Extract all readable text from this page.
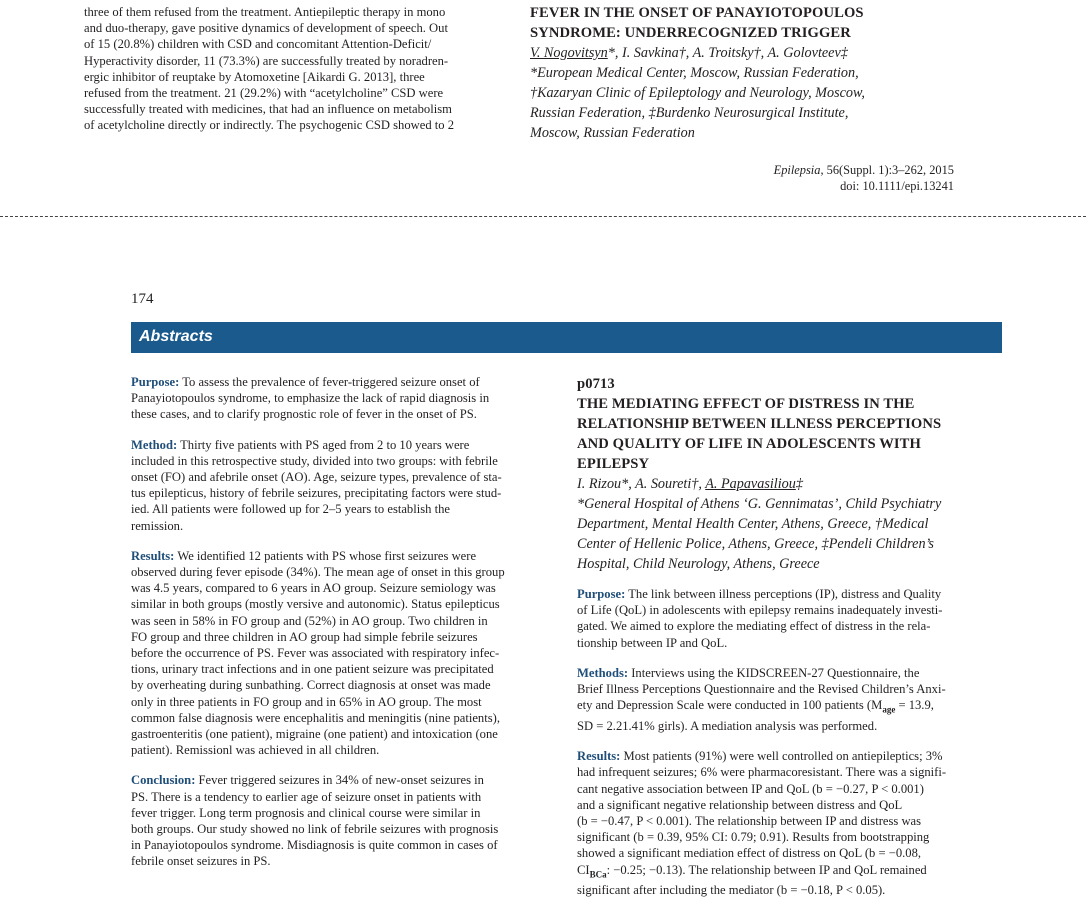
three of them refused from the treatment. Antiepileptic therapy in mono
and duo-therapy, gave positive dynamics of development of speech. Out
of 15 (20.8%) children with CSD and concomitant Attention-Deficit/
Hyperactivity disorder, 11 (73.3%) are successfully treated by noradren-
ergic inhibitor of reuptake by Atomoxetine [Aikardi G. 2013], three
refused from the treatment. 21 (29.2%) with “acetylcholine” CSD were
successfully treated with medicines, that had an influence on metabolism
of acetylcholine directly or indirectly. The psychogenic CSD showed to 2
FEVER IN THE ONSET OF PANAYIOTOPOULOS
SYNDROME: UNDERRECOGNIZED TRIGGER
V. Nogovitsyn*, I. Savkina†, A. Troitsky†, A. Golovteev‡
*European Medical Center, Moscow, Russian Federation,
†Kazaryan Clinic of Epileptology and Neurology, Moscow,
Russian Federation, ‡Burdenko Neurosurgical Institute,
Moscow, Russian Federation
Epilepsia, 56(Suppl. 1):3–262, 2015
doi: 10.1111/epi.13241
174
Abstracts
Purpose: To assess the prevalence of fever-triggered seizure onset of
Panayiotopoulos syndrome, to emphasize the lack of rapid diagnosis in
these cases, and to clarify prognostic role of fever in the onset of PS.
Method: Thirty five patients with PS aged from 2 to 10 years were
included in this retrospective study, divided into two groups: with febrile
onset (FO) and afebrile onset (AO). Age, seizure types, prevalence of sta-
tus epilepticus, history of febrile seizures, precipitating factors were stud-
ied. All patients were followed up for 2–5 years to establish the
remission.
Results: We identified 12 patients with PS whose first seizures were
observed during fever episode (34%). The mean age of onset in this group
was 4.5 years, compared to 6 years in AO group. Seizure semiology was
similar in both groups (mostly versive and autonomic). Status epilepticus
was seen in 58% in FO group and (52%) in AO group. Two children in
FO group and three children in AO group had simple febrile seizures
before the occurrence of PS. Fever was associated with respiratory infec-
tions, urinary tract infections and in one patient seizure was precipitated
by overheating during sunbathing. Correct diagnosis at onset was made
only in three patients in FO group and in 65% in AO group. The most
common false diagnosis were encephalitis and meningitis (nine patients),
gastroenteritis (one patient), migraine (one patient) and intoxication (one
patient). Remissionl was achieved in all children.
Conclusion: Fever triggered seizures in 34% of new-onset seizures in
PS. There is a tendency to earlier age of seizure onset in patients with
fever trigger. Long term prognosis and clinical course were similar in
both groups. Our study showed no link of febrile seizures with prognosis
in Panayiotopoulos syndrome. Misdiagnosis is quite common in cases of
febrile onset seizures in PS.
p0713
THE MEDIATING EFFECT OF DISTRESS IN THE
RELATIONSHIP BETWEEN ILLNESS PERCEPTIONS
AND QUALITY OF LIFE IN ADOLESCENTS WITH
EPILEPSY
I. Rizou*, A. Soureti†, A. Papavasiliou‡
*General Hospital of Athens ‘G. Gennimatas’, Child Psychiatry
Department, Mental Health Center, Athens, Greece, †Medical
Center of Hellenic Police, Athens, Greece, ‡Pendeli Children’s
Hospital, Child Neurology, Athens, Greece
Purpose: The link between illness perceptions (IP), distress and Quality
of Life (QoL) in adolescents with epilepsy remains inadequately investi-
gated. We aimed to explore the mediating effect of distress in the rela-
tionship between IP and QoL.
Methods: Interviews using the KIDSCREEN-27 Questionnaire, the
Brief Illness Perceptions Questionnaire and the Revised Children’s Anxi-
ety and Depression Scale were conducted in 100 patients ($M_{age} = 13.9$,
SD = 2.21.41% girls). A mediation analysis was performed.
Results: Most patients (91%) were well controlled on antiepileptics; 3%
had infrequent seizures; 6% were pharmacoresistant. There was a signifi-
cant negative association between IP and QoL (b = −0.27, P < 0.001)
and a significant negative relationship between distress and QoL
(b = −0.47, P < 0.001). The relationship between IP and distress was
significant (b = 0.39, 95% CI: 0.79; 0.91). Results from bootstrapping
showed a significant mediation effect of distress on QoL (b = −0.08,
$CI_{BCa}$: −0.25; −0.13). The relationship between IP and QoL remained
significant after including the mediator (b = −0.18, P < 0.05).
